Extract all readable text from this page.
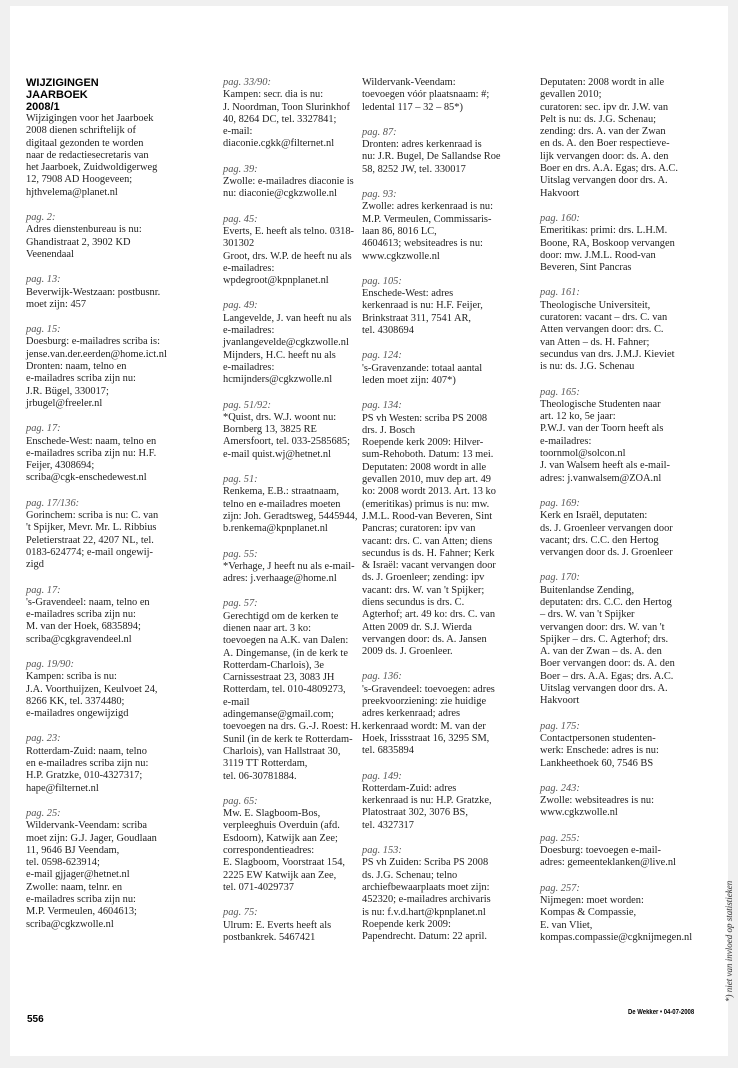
WIJZIGINGEN JAARBOEK
2008/1
Wijzigingen voor het Jaarboek
2008 dienen schriftelijk of
digitaal gezonden te worden
naar de redactiesecretaris van
het Jaarboek, Zuidwoldigerweg
12, 7908 AD Hoogeveen;
hjthvelema@planet.nl
pag. 2:
Adres dienstenbureau is nu:
Ghandistraat 2, 3902 KD
Veenendaal
pag. 13:
Beverwijk-Westzaan: postbusnr.
moet zijn: 457
pag. 15:
Doesburg: e-mailadres scriba is:
jense.van.der.eerden@home.ict.nl
Dronten: naam, telno en
e-mailadres scriba zijn nu:
J.R. Bügel, 330017;
jrbugel@freeler.nl
pag. 17:
Enschede-West: naam, telno en
e-mailadres scriba zijn nu: H.F.
Feijer, 4308694;
scriba@cgk-enschedewest.nl
pag. 17/136:
Gorinchem: scriba is nu: C. van
't Spijker, Mevr. Mr. L. Ribbius
Peletierstraat 22, 4207 NL, tel.
0183-624774; e-mail ongewij-
zigd
pag. 17:
's-Gravendeel: naam, telno en
e-mailadres scriba zijn nu:
M. van der Hoek, 6835894;
scriba@cgkgravendeel.nl
pag. 19/90:
Kampen: scriba is nu:
J.A. Voorthuijzen, Keulvoet 24,
8266 KK, tel. 3374480;
e-mailadres ongewijzigd
pag. 23:
Rotterdam-Zuid: naam, telno
en e-mailadres scriba zijn nu:
H.P. Gratzke, 010-4327317;
hape@filternet.nl
pag. 25:
Wildervank-Veendam: scriba
moet zijn: G.J. Jager, Goudlaan
11, 9646 BJ Veendam,
tel. 0598-623914;
e-mail gjjager@hetnet.nl
Zwolle: naam, telnr. en
e-mailadres scriba zijn nu:
M.P. Vermeulen, 4604613;
scriba@cgkzwolle.nl
pag. 33/90:
Kampen: secr. dia is nu:
J. Noordman, Toon Slurinkhof
40, 8264 DC, tel. 3327841;
e-mail:
diaconie.cgkk@filternet.nl
pag. 39:
Zwolle: e-mailadres diaconie is
nu: diaconie@cgkzwolle.nl
pag. 45:
Everts, E. heeft als telno. 0318-
301302
Groot, drs. W.P. de heeft nu als
e-mailadres:
wpdegroot@kpnplanet.nl
pag. 49:
Langevelde, J. van heeft nu als
e-mailadres:
jvanlangevelde@cgkzwolle.nl
Mijnders, H.C. heeft nu als
e-mailadres:
hcmijnders@cgkzwolle.nl
pag. 51/92:
*Quist, drs. W.J. woont nu:
Bornberg 13, 3825 RE
Amersfoort, tel. 033-2585685;
e-mail quist.wj@hetnet.nl
pag. 51:
Renkema, E.B.: straatnaam,
telno en e-mailadres moeten
zijn: Joh. Geradtsweg, 5445944,
b.renkema@kpnplanet.nl
pag. 55:
*Verhage, J heeft nu als e-mail-
adres: j.verhaage@home.nl
pag. 57:
Gerechtigd om de kerken te
dienen naar art. 3 ko:
toevoegen na A.K. van Dalen:
A. Dingemanse, (in de kerk te
Rotterdam-Charlois), 3e
Carnissestraat 23, 3083 JH
Rotterdam, tel. 010-4809273,
e-mail
adingemanse@gmail.com;
toevoegen na drs. G.-J. Roest: H.
Sunil (in de kerk te Rotterdam-
Charlois), van Hallstraat 30,
3119 TT Rotterdam,
tel. 06-30781884.
pag. 65:
Mw. E. Slagboom-Bos,
verpleeghuis Overduin (afd.
Esdoorn), Katwijk aan Zee;
correspondentieadres:
E. Slagboom, Voorstraat 154,
2225 EW Katwijk aan Zee,
tel. 071-4029737
pag. 75:
Ulrum: E. Everts heeft als
postbankrek. 5467421
Wildervank-Veendam:
toevoegen vóór plaatsnaam: #;
ledental 117 – 32 – 85*)
pag. 87:
Dronten: adres kerkenraad is
nu: J.R. Bugel, De Sallandse Roe
58, 8252 JW, tel. 330017
pag. 93:
Zwolle: adres kerkenraad is nu:
M.P. Vermeulen, Commissaris-
laan 86, 8016 LC,
4604613; websiteadres is nu:
www.cgkzwolle.nl
pag. 105:
Enschede-West: adres
kerkenraad is nu: H.F. Feijer,
Brinkstraat 311, 7541 AR,
tel. 4308694
pag. 124:
's-Gravenzande: totaal aantal
leden moet zijn: 407*)
pag. 134:
PS vh Westen: scriba PS 2008
drs. J. Bosch
Roepende kerk 2009: Hilver-
sum-Rehoboth. Datum: 13 mei.
Deputaten: 2008 wordt in alle
gevallen 2010, muv dep art. 49
ko: 2008 wordt 2013. Art. 13 ko
(emeritikas) primus is nu: mw.
J.M.L. Rood-van Beveren, Sint
Pancras; curatoren: ipv van
vacant: drs. C. van Atten; diens
secundus is ds. H. Fahner; Kerk
& Israël: vacant vervangen door
ds. J. Groenleer; zending: ipv
vacant: drs. W. van 't Spijker;
diens secundus is drs. C.
Agterhof; art. 49 ko: drs. C. van
Atten 2009 dr. S.J. Wierda
vervangen door: ds. A. Jansen
2009 ds. J. Groenleer.
pag. 136:
's-Gravendeel: toevoegen: adres
preekvoorziening: zie huidige
adres kerkenraad; adres
kerkenraad wordt: M. van der
Hoek, Irissstraat 16, 3295 SM,
tel. 6835894
pag. 149:
Rotterdam-Zuid: adres
kerkenraad is nu: H.P. Gratzke,
Platostraat 302, 3076 BS,
tel. 4327317
pag. 153:
PS vh Zuiden: Scriba PS 2008
ds. J.G. Schenau; telno
archiefbewaarplaats moet zijn:
452320; e-mailadres archivaris
is nu: f.v.d.hart@kpnplanet.nl
Roepende kerk 2009:
Papendrecht. Datum: 22 april.
Deputaten: 2008 wordt in alle
gevallen 2010;
curatoren: sec. ipv dr. J.W. van
Pelt is nu: ds. J.G. Schenau;
zending: drs. A. van der Zwan
en ds. A. den Boer respectieve-
lijk vervangen door: ds. A. den
Boer en drs. A.A. Egas; drs. A.C.
Uitslag vervangen door drs. A.
Hakvoort
pag. 160:
Emeritikas: primi: drs. L.H.M.
Boone, RA, Boskoop vervangen
door: mw. J.M.L. Rood-van
Beveren, Sint Pancras
pag. 161:
Theologische Universiteit,
curatoren: vacant – drs. C. van
Atten vervangen door: drs. C.
van Atten – ds. H. Fahner;
secundus van drs. J.M.J. Kieviet
is nu: ds. J.G. Schenau
pag. 165:
Theologische Studenten naar
art. 12 ko, 5e jaar:
P.W.J. van der Toorn heeft als
e-mailadres:
toornmol@solcon.nl
J. van Walsem heeft als e-mail-
adres: j.vanwalsem@ZOA.nl
pag. 169:
Kerk en Israël, deputaten:
ds. J. Groenleer vervangen door
vacant; drs. C.C. den Hertog
vervangen door ds. J. Groenleer
pag. 170:
Buitenlandse Zending,
deputaten: drs. C.C. den Hertog
– drs. W. van 't Spijker
vervangen door: drs. W. van 't
Spijker – drs. C. Agterhof; drs.
A. van der Zwan – ds. A. den
Boer vervangen door: ds. A. den
Boer – drs. A.A. Egas; drs. A.C.
Uitslag vervangen door drs. A.
Hakvoort
pag. 175:
Contactpersonen studenten-
werk: Enschede: adres is nu:
Lankheethoek 60, 7546 BS
pag. 243:
Zwolle: websiteadres is nu:
www.cgkzwolle.nl
pag. 255:
Doesburg: toevoegen e-mail-
adres: gemeenteklanken@live.nl
pag. 257:
Nijmegen: moet worden:
Kompas & Compassie,
E. van Vliet,
kompas.compassie@cgknijmegen.nl
556
De Wekker • 04-07-2008
*) niet van invloed op statistieken
